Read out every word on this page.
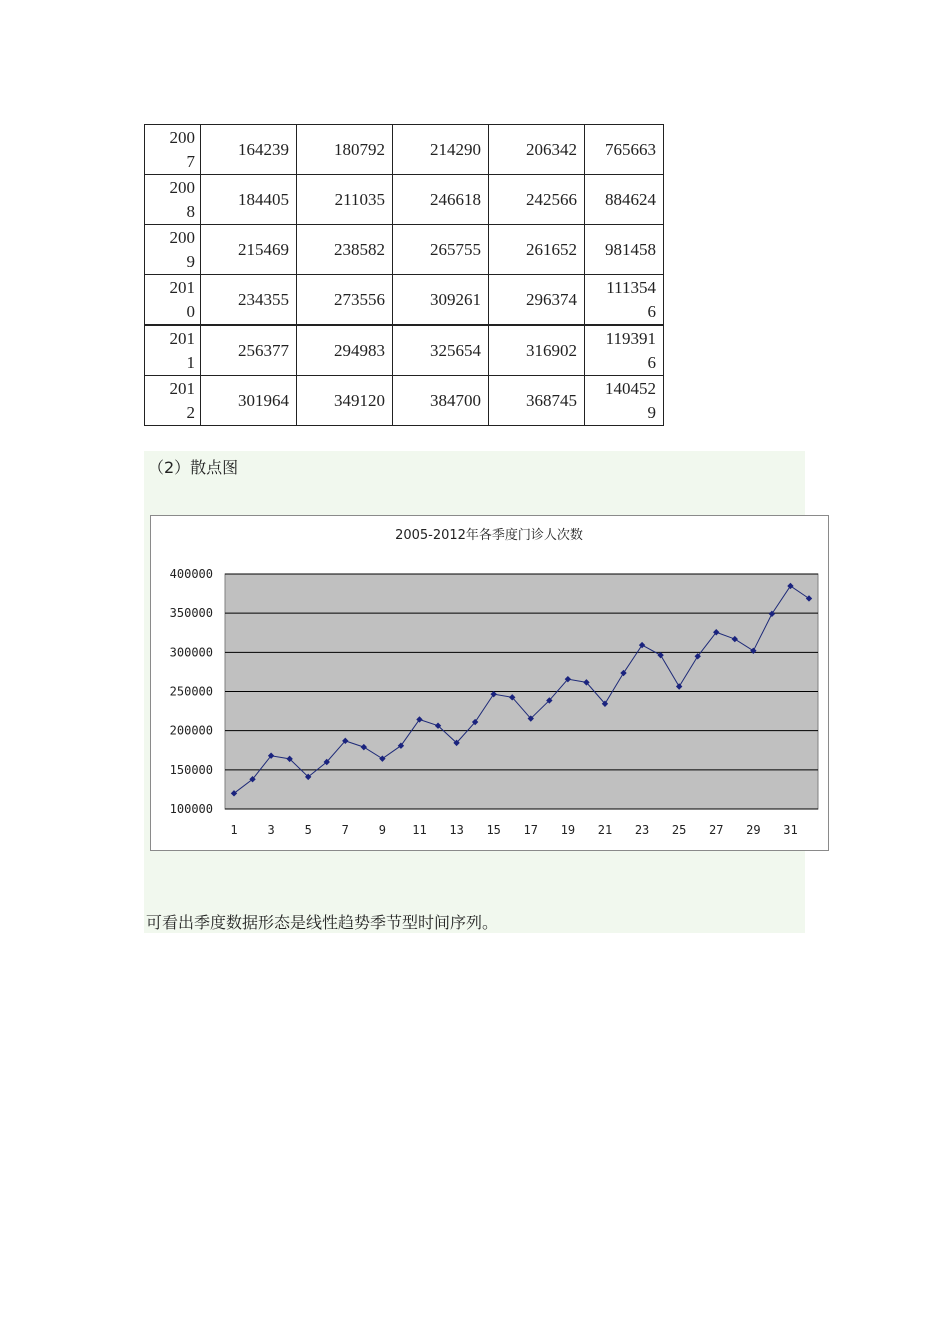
200
7	164239	180792	214290	206342	765663

200
8	184405	211035	246618	242566	884624

200
9	215469	238582	265755	261652	981458

201
0	234355	273556	309261	296374	111354
6

201
1	256377	294983	325654	316902	119391
6

201
2	301964	349120	384700	368745	140452
9
（2）散点图
2005-2012年各季度门诊人次数
100000
150000
200000
250000
300000
350000
400000
1 3 5 7 9 11 13 15 17 19 21 23 25 27 29 31
可看出季度数据形态是线性趋势季节型时间序列。
